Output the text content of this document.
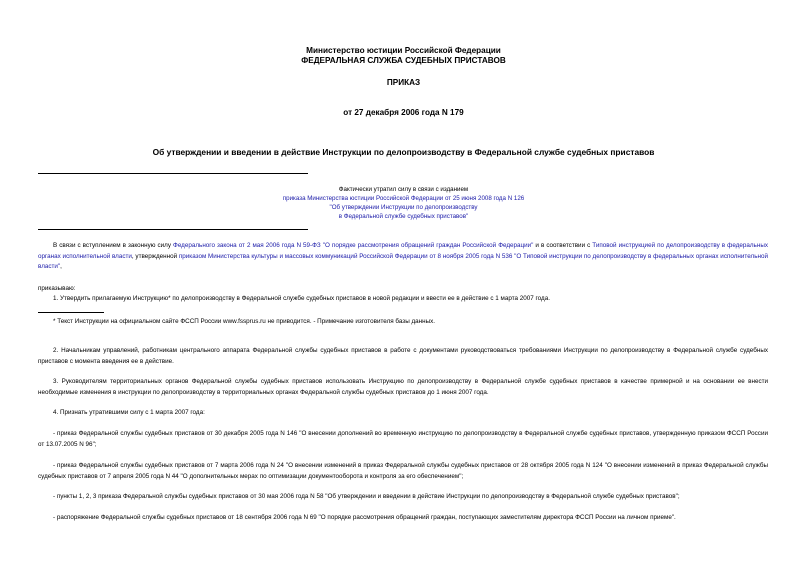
Министерство юстиции Российской Федерации
ФЕДЕРАЛЬНАЯ СЛУЖБА СУДЕБНЫХ ПРИСТАВОВ
ПРИКАЗ
от 27 декабря 2006 года N 179
Об утверждении и введении в действие Инструкции по делопроизводству в Федеральной службе судебных приставов
Фактически утратил силу в связи с изданием
приказа Министерства юстиции Российской Федерации от 25 июня 2008 года N 126
"Об утверждении Инструкции по делопроизводству
в Федеральной службе судебных приставов"
В связи с вступлением в законную силу Федерального закона от 2 мая 2006 года N 59-ФЗ "О порядке рассмотрения обращений граждан Российской Федерации" и в соответствии с Типовой инструкцией по делопроизводству в федеральных органах исполнительной власти, утвержденной приказом Министерства культуры и массовых коммуникаций Российской Федерации от 8 ноября 2005 года N 536 "О Типовой инструкции по делопроизводству в федеральных органах исполнительной власти",
приказываю:
1. Утвердить прилагаемую Инструкцию* по делопроизводству в Федеральной службе судебных приставов в новой редакции и ввести ее в действие с 1 марта 2007 года.
* Текст Инструкции на официальном сайте ФССП России www.fssprus.ru не приводится. - Примечание изготовителя базы данных.
2. Начальникам управлений, работникам центрального аппарата Федеральной службы судебных приставов в работе с документами руководствоваться требованиями Инструкции по делопроизводству в Федеральной службе судебных приставов с момента введения ее в действие.
3. Руководителям территориальных органов Федеральной службы судебных приставов использовать Инструкцию по делопроизводству в Федеральной службе судебных приставов в качестве примерной и на основании ее внести необходимые изменения в инструкции по делопроизводству в территориальных органах Федеральной службы судебных приставов до 1 июня 2007 года.
4. Признать утратившими силу с 1 марта 2007 года:
- приказ Федеральной службы судебных приставов от 30 декабря 2005 года N 146 "О внесении дополнений во временную инструкцию по делопроизводству в Федеральной службе судебных приставов, утвержденную приказом ФССП России от 13.07.2005 N 96";
- приказ Федеральной службы судебных приставов от 7 марта 2006 года N 24 "О внесении изменений в приказ Федеральной службы судебных приставов от 28 октября 2005 года N 124 "О внесении изменений в приказ Федеральной службы судебных приставов от 7 апреля 2005 года N 44 "О дополнительных мерах по оптимизации документооборота и контроля за его обеспечением";
- пункты 1, 2, 3 приказа Федеральной службы судебных приставов от 30 мая 2006 года N 58 "Об утверждении и введении в действие Инструкции по делопроизводству в Федеральной службе судебных приставов";
- распоряжение Федеральной службы судебных приставов от 18 сентября 2006 года N 69 "О порядке рассмотрения обращений граждан, поступающих заместителям директора ФССП России на личном приеме".
